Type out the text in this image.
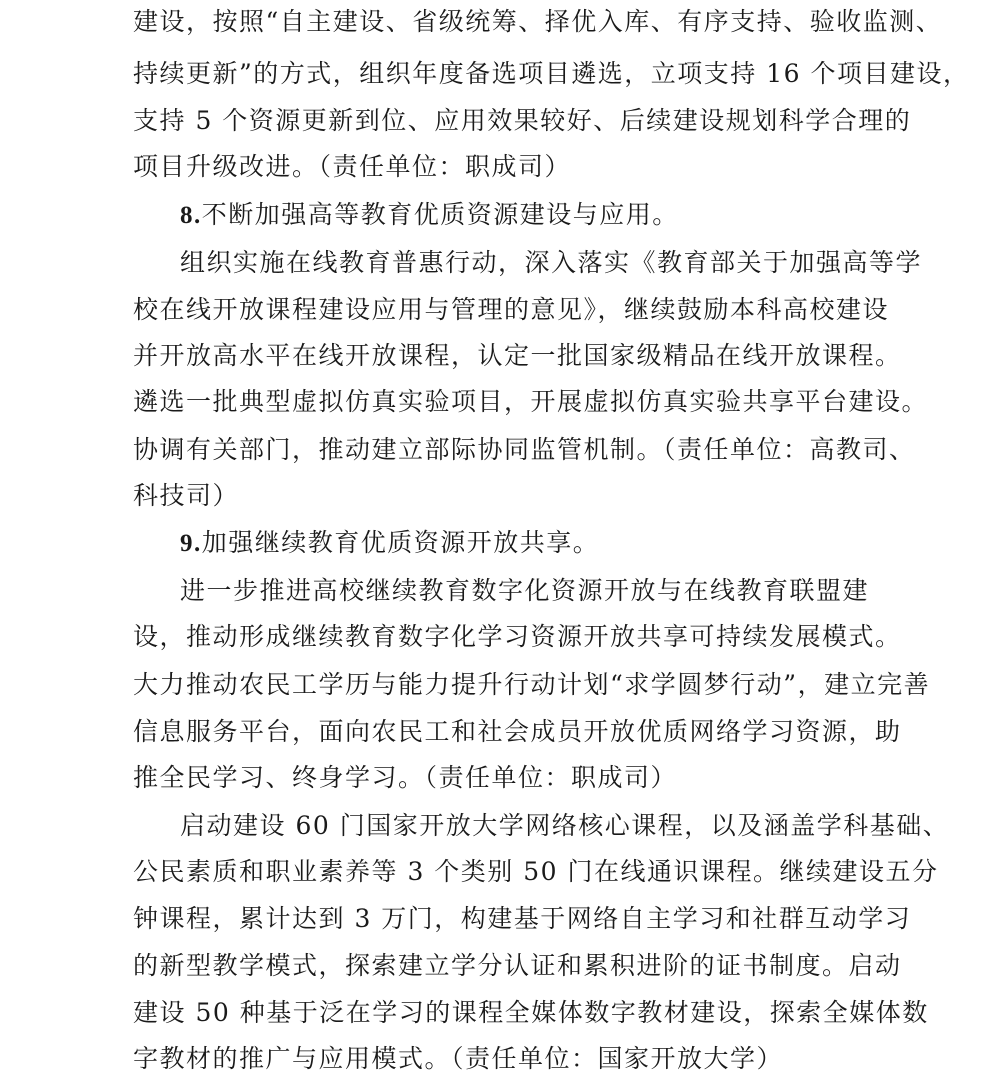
建设，按照“自主建设、省级统筹、择优入库、有序支持、验收监测、
持续更新”的方式，组织年度备选项目遴选，立项支持 16 个项目建设，
支持 5 个资源更新到位、应用效果较好、后续建设规划科学合理的
项目升级改进。（责任单位：职成司）
8.不断加强高等教育优质资源建设与应用。
组织实施在线教育普惠行动，深入落实《教育部关于加强高等学
校在线开放课程建设应用与管理的意见》，继续鼓励本科高校建设
并开放高水平在线开放课程，认定一批国家级精品在线开放课程。
遴选一批典型虚拟仿真实验项目，开展虚拟仿真实验共享平台建设。
协调有关部门，推动建立部际协同监管机制。（责任单位：高教司、
科技司）
9.加强继续教育优质资源开放共享。
进一步推进高校继续教育数字化资源开放与在线教育联盟建
设，推动形成继续教育数字化学习资源开放共享可持续发展模式。
大力推动农民工学历与能力提升行动计划“求学圆梦行动”，建立完善
信息服务平台，面向农民工和社会成员开放优质网络学习资源，助
推全民学习、终身学习。（责任单位：职成司）
启动建设 60 门国家开放大学网络核心课程，以及涵盖学科基础、
公民素质和职业素养等 3 个类别 50 门在线通识课程。继续建设五分
钟课程，累计达到 3 万门，构建基于网络自主学习和社群互动学习
的新型教学模式，探索建立学分认证和累积进阶的证书制度。启动
建设 50 种基于泛在学习的课程全媒体数字教材建设，探索全媒体数
字教材的推广与应用模式。（责任单位：国家开放大学）
